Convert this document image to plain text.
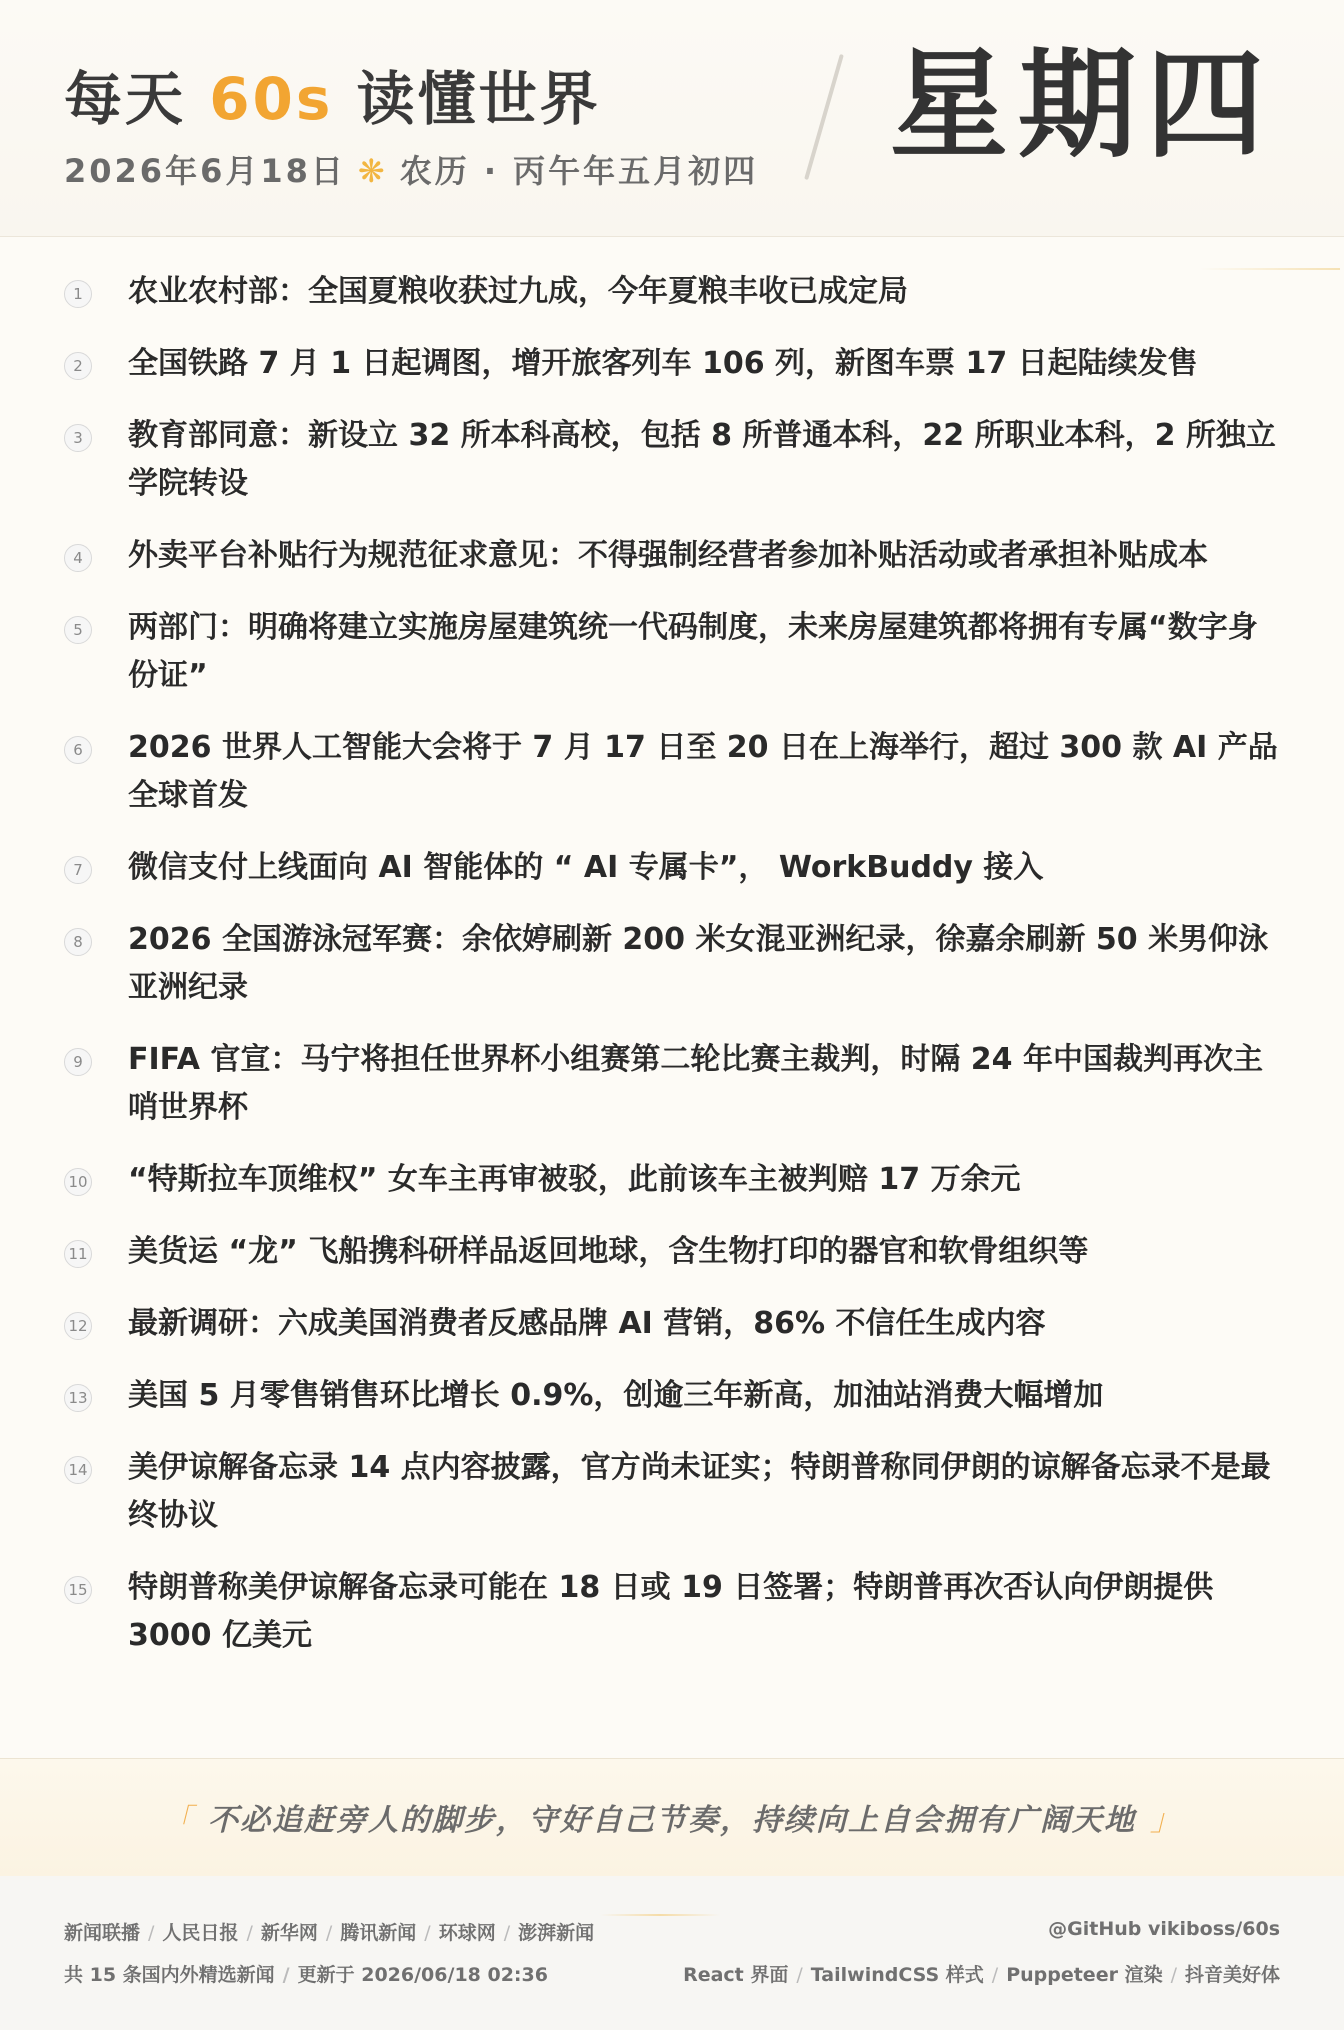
每天 60s 读懂世界
2026年6月18日 ❋ 农历 · 丙午年五月初四 星期四
1	农业农村部：全国夏粮收获过九成，今年夏粮丰收已成定局
2	全国铁路 7 月 1 日起调图，增开旅客列车 106 列，新图车票 17 日起陆续发售
3	教育部同意：新设立 32 所本科高校，包括 8 所普通本科，22 所职业本科，2 所独立学院转设
4	外卖平台补贴行为规范征求意见：不得强制经营者参加补贴活动或者承担补贴成本
5	两部门：明确将建立实施房屋建筑统一代码制度，未来房屋建筑都将拥有专属“数字身份证”
6	2026 世界人工智能大会将于 7 月 17 日至 20 日在上海举行，超过 300 款 AI 产品全球首发
7	微信支付上线面向 AI 智能体的 “ AI 专属卡”， WorkBuddy 接入
8	2026 全国游泳冠军赛：余依婷刷新 200 米女混亚洲纪录，徐嘉余刷新 50 米男仰泳亚洲纪录
9	FIFA 官宣：马宁将担任世界杯小组赛第二轮比赛主裁判，时隔 24 年中国裁判再次主哨世界杯
10 “特斯拉车顶维权” 女车主再审被驳，此前该车主被判赔 17 万余元
11 美货运 “龙” 飞船携科研样品返回地球，含生物打印的器官和软骨组织等
12 最新调研：六成美国消费者反感品牌 AI 营销，86% 不信任生成内容
13 美国 5 月零售销售环比增长 0.9%，创逾三年新高，加油站消费大幅增加
14 美伊谅解备忘录 14 点内容披露，官方尚未证实；特朗普称同伊朗的谅解备忘录不是最终协议
15 特朗普称美伊谅解备忘录可能在 18 日或 19 日签署；特朗普再次否认向伊朗提供 3000 亿美元
「 不必追赶旁人的脚步，守好自己节奏，持续向上自会拥有广阔天地 」
新闻联播 / 人民日报 / 新华网 / 腾讯新闻 / 环球网 / 澎湃新闻
共 15 条国内外精选新闻 / 更新于 2026/06/18 02:36
@GitHub vikiboss/60s
React 界面 / TailwindCSS 样式 / Puppeteer 渲染 / 抖音美好体
